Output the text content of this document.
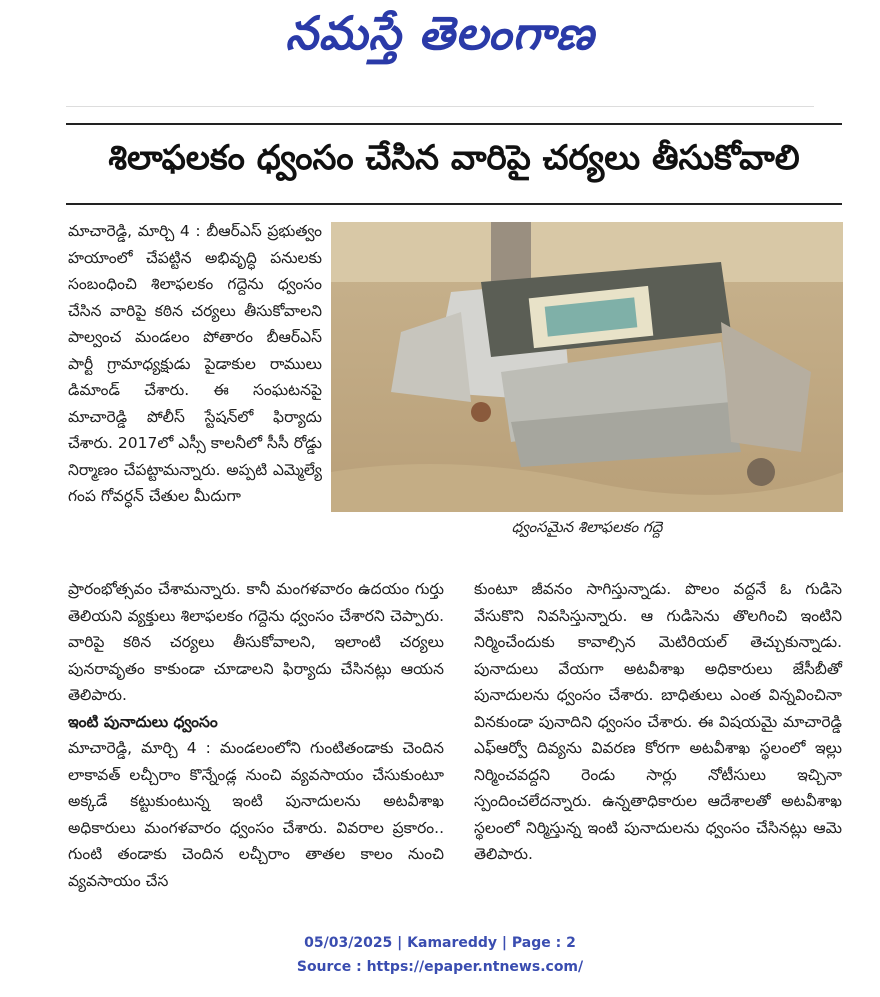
నమస్తే తెలంగాణ
శిలాఫలకం ధ్వంసం చేసిన వారిపై చర్యలు తీసుకోవాలి

మాచారెడ్డి, మార్చి 4 : బీఆర్ఎస్ ప్రభుత్వం హయాంలో చేపట్టిన అభివృద్ధి పనులకు సంబంధించి శిలాఫలకం గద్దెను ధ్వంసం చేసిన వారిపై కఠిన చర్యలు తీసుకోవాలని పాల్వంచ మండలం పోతారం బీఆర్ఎస్ పార్టీ గ్రామాధ్యక్షుడు పైడాకుల రాములు డిమాండ్ చేశారు. ఈ సంఘటనపై మాచారెడ్డి పోలీస్ స్టేషన్‌లో ఫిర్యాదు చేశారు. 2017లో ఎస్సీ కాలనీలో సీసీ రోడ్డు నిర్మాణం చేపట్టామన్నారు. అప్పటి ఎమ్మెల్యే గంప గోవర్ధన్ చేతుల మీదుగా

ధ్వంసమైన శిలాఫలకం గద్దె

ప్రారంభోత్సవం చేశామన్నారు. కానీ మంగళవారం ఉదయం గుర్తు తెలియని వ్యక్తులు శిలాఫలకం గద్దెను ధ్వంసం చేశారని చెప్పారు. వారిపై కఠిన చర్యలు తీసుకోవాలని, ఇలాంటి చర్యలు పునరావృతం కాకుండా చూడాలని ఫిర్యాదు చేసినట్లు ఆయన తెలిపారు.

ఇంటి పునాదులు ధ్వంసం

మాచారెడ్డి, మార్చి 4 : మండలంలోని గుంటితండాకు చెందిన లాకావత్ లచ్చీరాం కొన్నేండ్ల నుంచి వ్యవసాయం చేసుకుంటూ అక్కడే కట్టుకుంటున్న ఇంటి పునాదులను అటవీశాఖ అధికారులు మంగళవారం ధ్వంసం చేశారు. వివరాల ప్రకారం.. గుంటి తండాకు చెందిన లచ్చీరాం తాతల కాలం నుంచి వ్యవసాయం చేస

కుంటూ జీవనం సాగిస్తున్నాడు. పొలం వద్దనే ఓ గుడిసె వేసుకొని నివసిస్తున్నారు. ఆ గుడిసెను తొలగించి ఇంటిని నిర్మించేందుకు కావాల్సిన మెటిరియల్ తెచ్చుకున్నాడు. పునాదులు వేయగా అటవీశాఖ అధికారులు జేసీబీతో పునాదులను ధ్వంసం చేశారు. బాధితులు ఎంత విన్నవించినా వినకుండా పునాదిని ధ్వంసం చేశారు. ఈ విషయమై మాచారెడ్డి ఎఫ్ఆర్వో దివ్యను వివరణ కోరగా అటవీశాఖ స్థలంలో ఇల్లు నిర్మించవద్దని రెండు సార్లు నోటీసులు ఇచ్చినా స్పందించలేదన్నారు. ఉన్నతాధికారుల ఆదేశాలతో అటవీశాఖ స్థలంలో నిర్మిస్తున్న ఇంటి పునాదులను ధ్వంసం చేసినట్లు ఆమె తెలిపారు.

05/03/2025 | Kamareddy | Page : 2
Source : https://epaper.ntnews.com/
